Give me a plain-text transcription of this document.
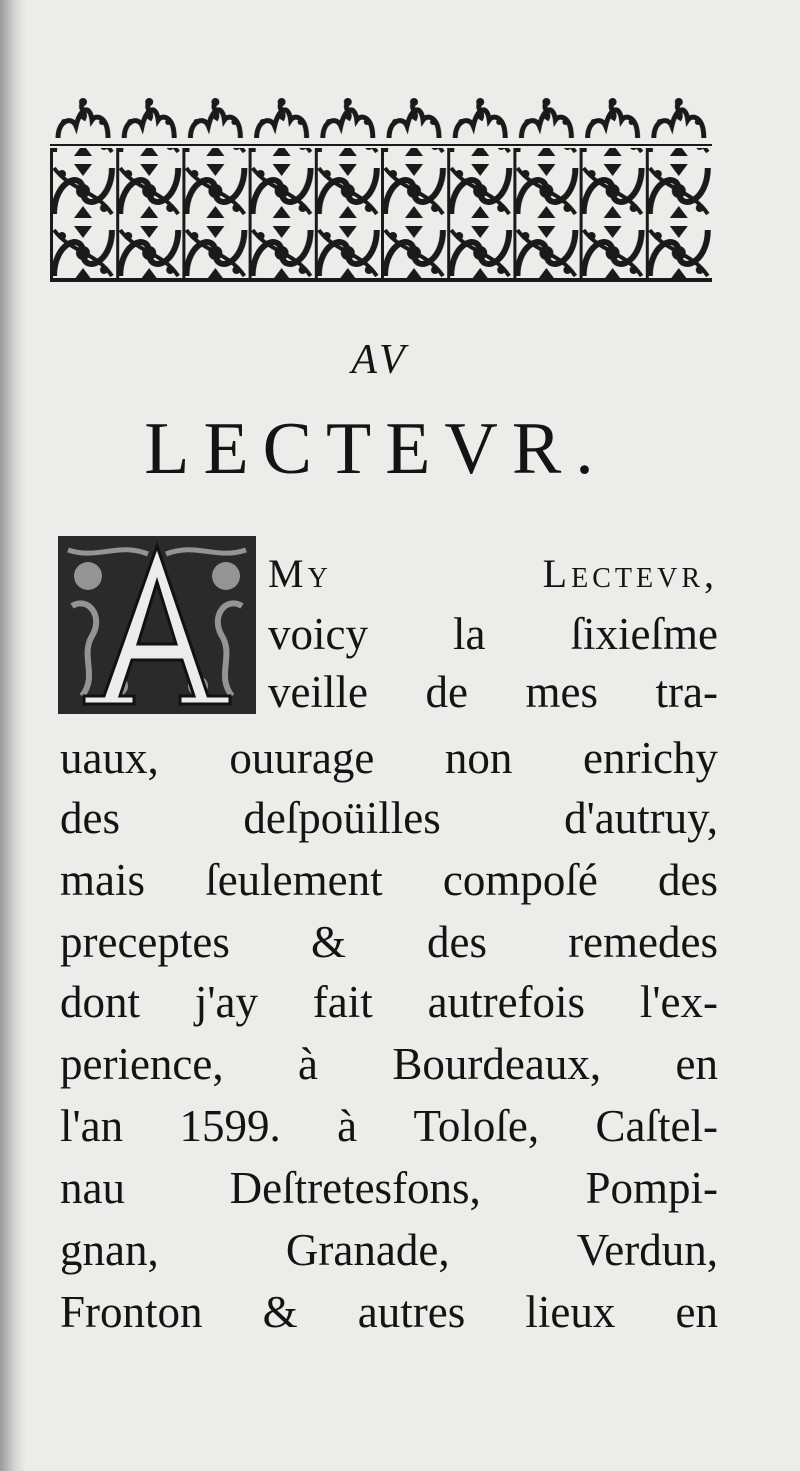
AV
LECTEVR.
My	Lectevr,
voicy la ſixieſme
veille de mes tra-
uaux, ouurage non enrichy
des	deſpoüilles	d'autruy,
mais ſeulement compoſé des
preceptes & des remedes
dont j'ay fait autrefois l'ex-
perience, à Bourdeaux, en
l'an 1599. à Toloſe, Caſtel-
nau Deſtretesfons, Pompi-
gnan,	Granade,	Verdun,
Fronton & autres lieux en
